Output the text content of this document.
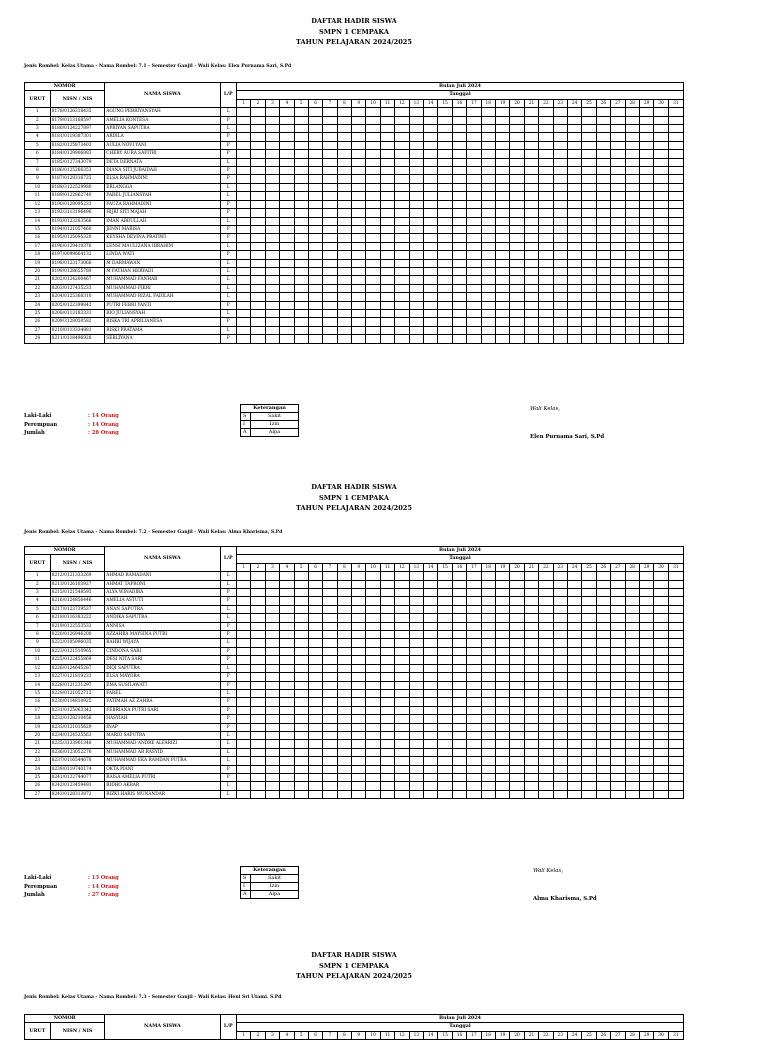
DAFTAR HADIR SISWA
SMPN 1 CEMPAKA
TAHUN PELAJARAN 2024/2025
Jenis Rombel: Kelas Utama - Nama Rombel: 7.1 - Semester Ganjil - Wali Kelas: Elen Purnama Sari, S.Pd
NOMOR		NAMA SISWA	L/P	Bulan Juli 2024																														
URUT	NISN / NIS			Tanggal																														
				1	2	3	4	5	6	7	8	9	10	11	12	13	14	15	16	17	18	19	20	21	22	23	24	25	26	27	28	29	30	31
1	8178/0126318435	AGUNG PEBRIYANSYAH	L																															
2	8179/0113168597	AMELIA KONTESA	P																															
3	8180/0124227897	APRIYAN SAPUTRA	L																															
4	8181/0119387301	ARDILA	P																															
5	8182/0125873403	AULIA NOVI YANI	P																															
6	8184/0129906883	CHERY AURA SAFITRI	P																															
7	8185/0127343079	DETA DERNATA	L																															
8	8186/0125266353	DIANA SITI JUBAIDAH	P																															
9	8187/0129316725	ELSA RAHMADINI	P																															
10	8188/3122529980	ERLANGGA	L																															
11	8189/0122862740	FAREL JULIANSYAH	L																															
12	8190/0128095233	FAUZA RAHMADINI	P																															
13	8192/3113196496	HIJRI SITI MAJAH	P																															
14	8193/0123283566	IMAN ABDULLAH	L																															
15	8194/0121057460	JENNI MARISA	P																															
16	8195/0125095320	KEYSHA DEVINA PRATIWI	P																															
17	8196/0129410376	LENSI MAULIZANA IBRAHIM	L																															
18	8197/0099664132	LINDA WATI	P																															
19	8198/0123173066	M DARMAWAN	L																															
20	8199/0128655789	M FATHAN HERYADI	L																															
21	8202/0124200467	MUHAMMAD FANHAR	L																															
22	8203/0127435233	MUHAMMAD FIKRI	L																															
23	8204/0125368310	MUHAMMAD RIZAL FADILAH	L																															
24	8205/0122399842	PUTRI FEBRI YANTI	P																															
25	8208/0113183331	RIO JULIANSYAH	L																															
26	8209/3128050582	RISKA TRI APRILIANESA	P																															
27	8210/0113334881	RISKI PRATAMA	L																															
28	8211/0118496928	SERLIYANA	P																															
Laki-Laki	: 14 Orang
Perempuan	: 14 Orang
Jumlah	: 28 Orang
Keterangan	
S	Sakit
I	Izin
A	Alpa
Wali Kelas,
Elen Purnama Sari, S.Pd
DAFTAR HADIR SISWA
SMPN 1 CEMPAKA
TAHUN PELAJARAN 2024/2025
Jenis Rombel: Kelas Utama - Nama Rombel: 7.2 - Semester Ganjil - Wali Kelas: Alma Kharisma, S.Pd
NOMOR		NAMA SISWA	L/P	Bulan Juli 2024																														
URUT	NISN / NIS			Tanggal																														
				1	2	3	4	5	6	7	8	9	10	11	12	13	14	15	16	17	18	19	20	21	22	23	24	25	26	27	28	29	30	31
1	8212/0121333269	AHMAD RAMADANI	L																															
2	8213/0126103927	AHMAT TAPRONI	L																															
3	8215/0121548595	ALYA WINADIRA	P																															
4	8216/0124856446	AMELIA ASTUTI	P																															
5	8217/0123739537	ANAN SAPUTRA	L																															
6	8218/0116383222	ANDIKA SAPUTRA	L																															
7	8219/0122553533	ANNISA	P																															
8	8220/0126946200	AZZAHRA MAYSINA PUTRI	P																															
9	8222/0105996035	BAHRI WIJAYA	L																															
10	8223/0121510965	CINDONA SARI	P																															
11	8225/0122455869	DESI NITA SARI	P																															
12	8226/0124645287	DIQI SAPUTRA	L																															
13	8227/0121819233	ELSA MAYORA	P																															
14	8228/0121231297	EMA SUSILAWATI	P																															
15	8229/0121052712	FAREL	L																															
16	8230/0114810925	FATIMAH AZ ZAHRA	P																															
17	8231/0125063342	FEBRIANA PUTRI SARI	P																															
18	8232/0128210456	HASYIAH	P																															
19	8233/0121015629	INAP	P																															
20	8234/0124535563	MARIO SAPUTRA	L																															
21	8235/3133901348	MUHAMMAD ANDRE ALFARIZI	L																															
22	8236/0123052276	MUHAMMAD AR RASYID	L																															
23	8237/0116544678	MUHAMMAD EKA RAMDAN PUTRA	L																															
24	8239/0119740174	OKTA PIANI	P																															
25	8241/0122744077	RAISA AMELIA PUTRI	P																															
26	8242/0123459493	RIDHO AKBAR	L																															
27	8243/0128313872	RIZKI HARIS MUNANDAR	L																															
Laki-Laki	: 13 Orang
Perempuan	: 14 Orang
Jumlah	: 27 Orang
Keterangan	
S	Sakit
I	Izin
A	Alpa
Wali Kelas,
Alma Kharisma, S.Pd
DAFTAR HADIR SISWA
SMPN 1 CEMPAKA
TAHUN PELAJARAN 2024/2025
Jenis Rombel: Kelas Utama - Nama Rombel: 7.3 - Semester Ganjil - Wali Kelas: Heni Sri Utami. S.Pd
NOMOR		NAMA SISWA	L/P	Bulan Juli 2024																														
URUT	NISN / NIS			Tanggal																														
				1	2	3	4	5	6	7	8	9	10	11	12	13	14	15	16	17	18	19	20	21	22	23	24	25	26	27	28	29	30	31
